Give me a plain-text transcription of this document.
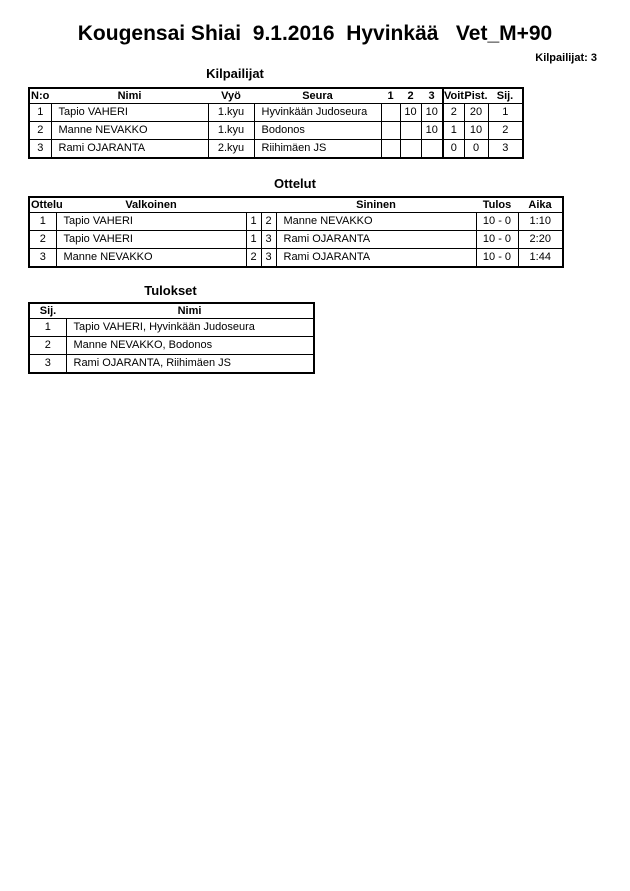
Kougensai Shiai  9.1.2016  Hyvinkää   Vet_M+90
Kilpailijat: 3
Kilpailijat
N:o	Nimi	Vyö	Seura	1	2	3	Voit.	Pist.	Sij.
1	Tapio VAHERI	1.kyu	Hyvinkään Judoseura		10	10	2	20	1
2	Manne NEVAKKO	1.kyu	Bodonos			10	1	10	2
3	Rami OJARANTA	2.kyu	Riihimäen JS				0	0	3
Ottelut
Ottelu	Valkoinen			Sininen	Tulos	Aika
1	Tapio VAHERI	1	2	Manne NEVAKKO	10 - 0	1:10
2	Tapio VAHERI	1	3	Rami OJARANTA	10 - 0	2:20
3	Manne NEVAKKO	2	3	Rami OJARANTA	10 - 0	1:44
Tulokset
Sij.	Nimi
1	Tapio VAHERI, Hyvinkään Judoseura
2	Manne NEVAKKO, Bodonos
3	Rami OJARANTA, Riihimäen JS
